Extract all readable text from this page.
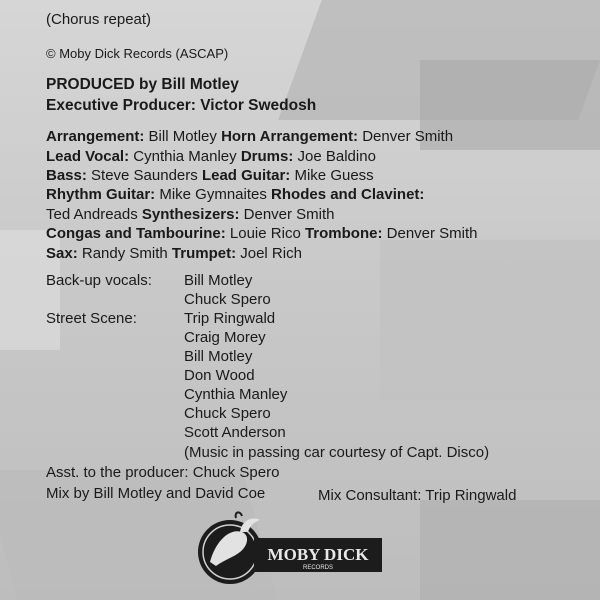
(Chorus repeat)
© Moby Dick Records (ASCAP)
PRODUCED by Bill Motley
Executive Producer: Victor Swedosh
Arrangement: Bill Motley Horn Arrangement: Denver Smith
Lead Vocal: Cynthia Manley Drums: Joe Baldino
Bass: Steve Saunders Lead Guitar: Mike Guess
Rhythm Guitar: Mike Gymnaites Rhodes and Clavinet:
Ted Andreads Synthesizers: Denver Smith
Congas and Tambourine: Louie Rico Trombone: Denver Smith
Sax: Randy Smith Trumpet: Joel Rich
Back-up vocals: Bill Motley
Chuck Spero
Street Scene:	Trip Ringwald
Craig Morey
Bill Motley
Don Wood
Cynthia Manley
Chuck Spero
Scott Anderson
(Music in passing car courtesy of Capt. Disco)
Asst. to the producer: Chuck Spero
Mix by Bill Motley and David Coe	Mix Consultant: Trip Ringwald
MOBY DICK
RECORDS
